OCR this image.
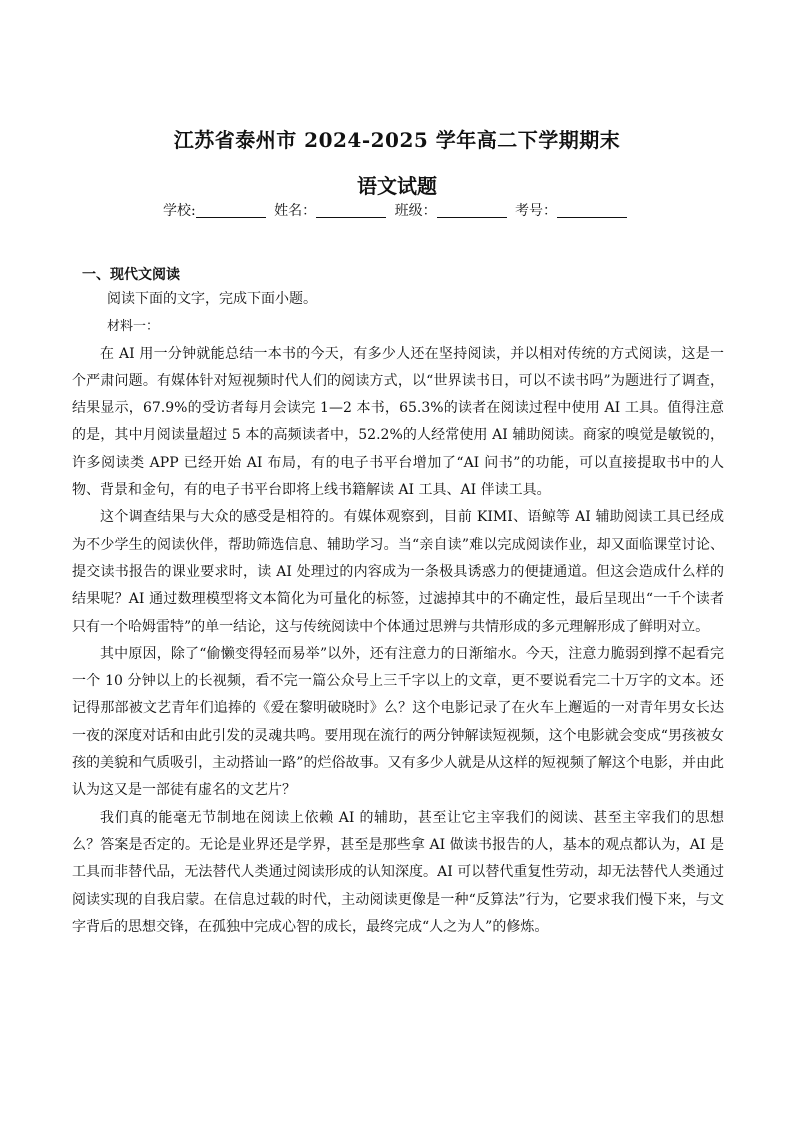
江苏省泰州市 2024-2025 学年高二下学期期末
语文试题
学校:	姓名：	班级：	考号：
一、现代文阅读

阅读下面的文字，完成下面小题。

材料一：

在 AI 用一分钟就能总结一本书的今天，有多少人还在坚持阅读，并以相对传统的方式阅读，这是一个严肃问题。有媒体针对短视频时代人们的阅读方式，以“世界读书日，可以不读书吗”为题进行了调查，结果显示，67.9%的受访者每月会读完 1—2 本书，65.3%的读者在阅读过程中使用 AI 工具。值得注意的是，其中月阅读量超过 5 本的高频读者中，52.2%的人经常使用 AI 辅助阅读。商家的嗅觉是敏锐的，许多阅读类 APP 已经开始 AI 布局，有的电子书平台增加了“AI 问书”的功能，可以直接提取书中的人物、背景和金句，有的电子书平台即将上线书籍解读 AI 工具、AI 伴读工具。

这个调查结果与大众的感受是相符的。有媒体观察到，目前 KIMI、语鲸等 AI 辅助阅读工具已经成为不少学生的阅读伙伴，帮助筛选信息、辅助学习。当“亲自读”难以完成阅读作业，却又面临课堂讨论、提交读书报告的课业要求时，读 AI 处理过的内容成为一条极具诱惑力的便捷通道。但这会造成什么样的结果呢？AI 通过数理模型将文本简化为可量化的标签，过滤掉其中的不确定性，最后呈现出“一千个读者只有一个哈姆雷特”的单一结论，这与传统阅读中个体通过思辨与共情形成的多元理解形成了鲜明对立。

其中原因，除了“偷懒变得轻而易举”以外，还有注意力的日渐缩水。今天，注意力脆弱到撑不起看完一个 10 分钟以上的长视频，看不完一篇公众号上三千字以上的文章，更不要说看完二十万字的文本。还记得那部被文艺青年们追捧的《爱在黎明破晓时》么？这个电影记录了在火车上邂逅的一对青年男女长达一夜的深度对话和由此引发的灵魂共鸣。要用现在流行的两分钟解读短视频，这个电影就会变成“男孩被女孩的美貌和气质吸引，主动搭讪一路”的烂俗故事。又有多少人就是从这样的短视频了解这个电影，并由此认为这又是一部徒有虚名的文艺片？

我们真的能毫无节制地在阅读上依赖 AI 的辅助，甚至让它主宰我们的阅读、甚至主宰我们的思想么？答案是否定的。无论是业界还是学界，甚至是那些拿 AI 做读书报告的人，基本的观点都认为，AI 是工具而非替代品，无法替代人类通过阅读形成的认知深度。AI 可以替代重复性劳动，却无法替代人类通过阅读实现的自我启蒙。在信息过载的时代，主动阅读更像是一种“反算法”行为，它要求我们慢下来，与文字背后的思想交锋，在孤独中完成心智的成长，最终完成“人之为人”的修炼。
